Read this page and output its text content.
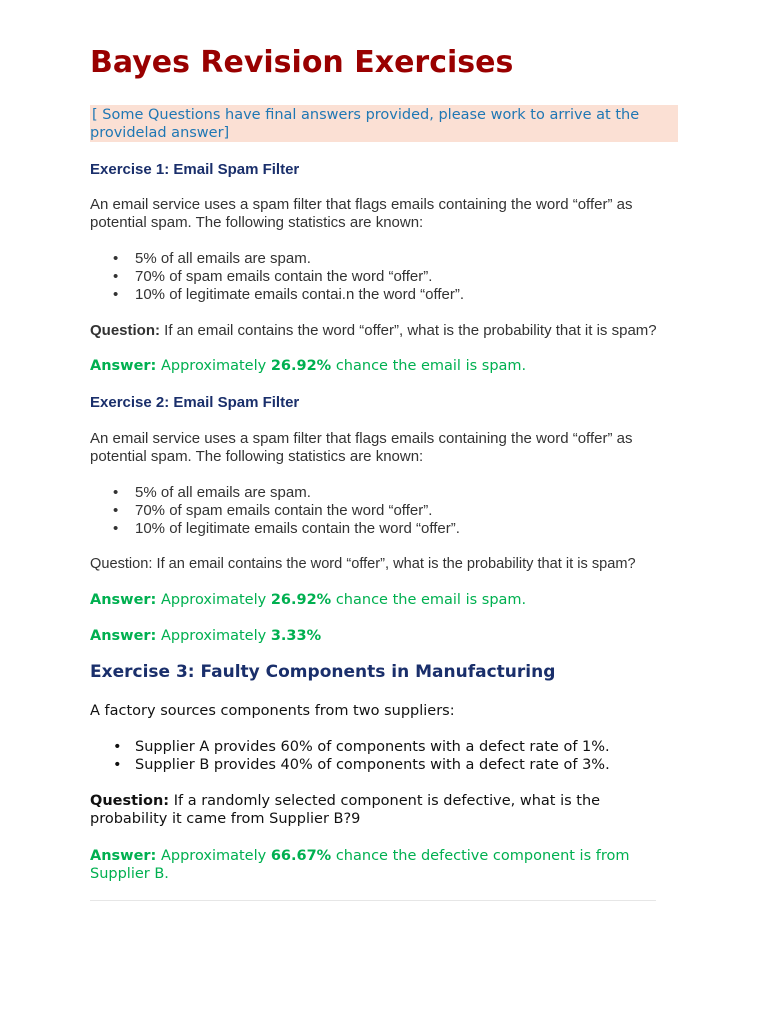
Bayes Revision Exercises
[ Some Questions have final answers provided, please work to arrive at the providelad answer]
Exercise 1: Email Spam Filter

An email service uses a spam filter that flags emails containing the word “offer” as potential spam. The following statistics are known:

• 5% of all emails are spam.
• 70% of spam emails contain the word “offer”.
• 10% of legitimate emails contai.n the word “offer”.

Question: If an email contains the word “offer”, what is the probability that it is spam?

Answer: Approximately 26.92% chance the email is spam.

Exercise 2: Email Spam Filter

An email service uses a spam filter that flags emails containing the word “offer” as potential spam. The following statistics are known:

• 5% of all emails are spam.
• 70% of spam emails contain the word “offer”.
• 10% of legitimate emails contain the word “offer”.

Question: If an email contains the word “offer”, what is the probability that it is spam?

Answer: Approximately 26.92% chance the email is spam.

Answer: Approximately 3.33%

Exercise 3: Faulty Components in Manufacturing

A factory sources components from two suppliers:

• Supplier A provides 60% of components with a defect rate of 1%.
• Supplier B provides 40% of components with a defect rate of 3%.

Question: If a randomly selected component is defective, what is the probability it came from Supplier B?9

Answer: Approximately 66.67% chance the defective component is from Supplier B.
